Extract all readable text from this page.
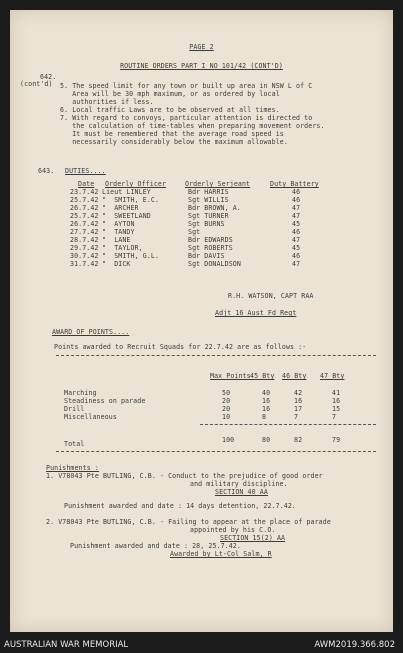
PAGE 2
ROUTINE ORDERS PART I NO 101/42 (CONT'D)
642.
(cont'd) 5. The speed limit for any town or built up area in NSW L of C
Area will be 30 mph maximum, or as ordered by local
authorities if less.
6. Local traffic Laws are to be observed at all times.
7. With regard to convoys, particular attention is directed to
the calculation of time-tables when preparing movement orders.
It must be remembered that the average road speed is
necessarily considerably below the maximum allowable.
643. DUTIES....
Date Orderly Officer	Orderly Serjeant	Duty Battery
23.7.42 Lieut LINLEY	Bdr HARRIS	46
25.7.42 "  SMITH, E.C.	Sgt WILLIS	46
26.7.42 "  ARCHER	Bdr BROWN, A.	47
25.7.42 "  SWEETLAND	Sgt TURNER	47
26.7.42 "  AYTON	Sgt BURNS	45
27.7.42 "  TANDY	Sgt	46
28.7.42 "  LANE	Bdr EDWARDS	47
29.7.42 "  TAYLOR,	Sgt ROBERTS	45
30.7.42 "  SMITH, G.L.	Bdr DAVIS	46
31.7.42 "  DICK	Sgt DONALDSON	47
R.H. WATSON, CAPT RAA
Adjt 16 Aust Fd Regt
AWARD OF POINTS....
Points awarded to Recruit Squads for 22.7.42 are as follows :-
Max Points 45 Bty 46 Bty 47 Bty
Marching	50	40	42	41
Steadiness on parade	20	16	16	16
Drill	20	16	17	15
Miscellaneous	10	8	7	7
Total	100	80	82	79
Punishments :
1. V78043 Pte BUTLING, C.B. - Conduct to the prejudice of good order
and military discipline.
SECTION 40 AA
Punishment awarded and date : 14 days detention, 22.7.42.
2. V78043 Pte BUTLING, C.B. - Failing to appear at the place of parade
appointed by his C.O.
SECTION 15(2) AA
Punishment awarded and date : 28, 25.7.42.
Awarded by Lt-Col Salm, R
AUSTRALIAN WAR MEMORIAL	AWM2019.366.802
